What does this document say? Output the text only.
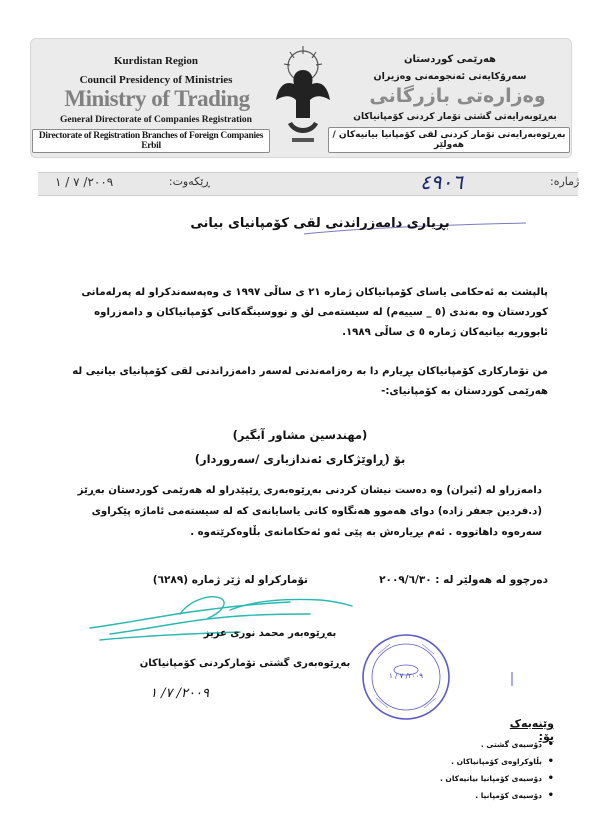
Kurdistan Region
Council Presidency of Ministries
Ministry of Trading
General Directorate of Companies Registration
Directorate of Registration Branches of Foreign Companies Erbil
هەرێمی کوردستان
سەرۆکایەتی ئەنجومەنی وەزیران
وەزارەتی بازرگانی
بەڕێوبەرایەتی گشتی تۆمار کردنی کۆمپانیاکان
بەڕێوەبەرایەتی تۆمار کردنی لقی کۆمپانیا بیانیەکان / هەولێر
٢٠٠٩/ ٧ / ١	ڕێکەوت:	٤٩٠٦	ژمارە:
بڕیاری دامەزراندنی لقی کۆمپانیای بیانی
پالپشت بە ئەحکامی یاسای کۆمپانیاکان ژمارە ٢١ ی ساڵی ١٩٩٧ ی وەپەسەندکراو لە پەرلەمانی کوردستان وە بەندی (٥ _ سییەم) لە سیستەمی لق و نووسینگەکانی کۆمپانیاکان و دامەزراوە ئابووریە بیانیەکان ژمارە ٥ ی ساڵی ١٩٨٩.
من تۆمارکاری کۆمپانیاکان بڕیارم دا بە رەزامەندنی لەسەر دامەزراندنی لقی کۆمپانیای بیانیی لە هەرێمی کوردستان بە کۆمپانیای:-
(مهندسین مشاور آبگیر)
بۆ (ڕاوێژکاری ئەندازیاری /سەروردار)
دامەزراو لە (ئیران) وە دەست نیشان کردنی بەڕێوەبەری ڕێپێدراو لە هەرێمی کوردستان بەڕێز (د.فردین جعفر زادە) دواى ھەموو ھەنگاوە کانی یاسایانەی که لە سیستەمی ئاماژە پێکراوی سەرەوە داهاتووە . ئەم بڕیارەش بە پێی ئەو ئەحکامانەی بڵاوەکرێتەوە .
دەرچوو لە هەولێر لە : ٢٠٠٩/٦/٣٠
تۆمارکراو لە ژێر ژمارە (٦٢٨٩)
بەڕێوەبەر محمد نوری عزیز
بەڕێوەبەری گشتی تۆمارکردنی کۆمپانیاکان
٢٠٠٩/ ٧/ ١
٢٠٠٩/ ٧ / ١
وێنەیەک بۆ:
• دۆسیەی گشتی .
• بڵاوکراوەی کۆمپانیاکان .
• دۆسیەی کۆمپانیا بیانیەکان .
• دۆسیەی کۆمپانیا .
